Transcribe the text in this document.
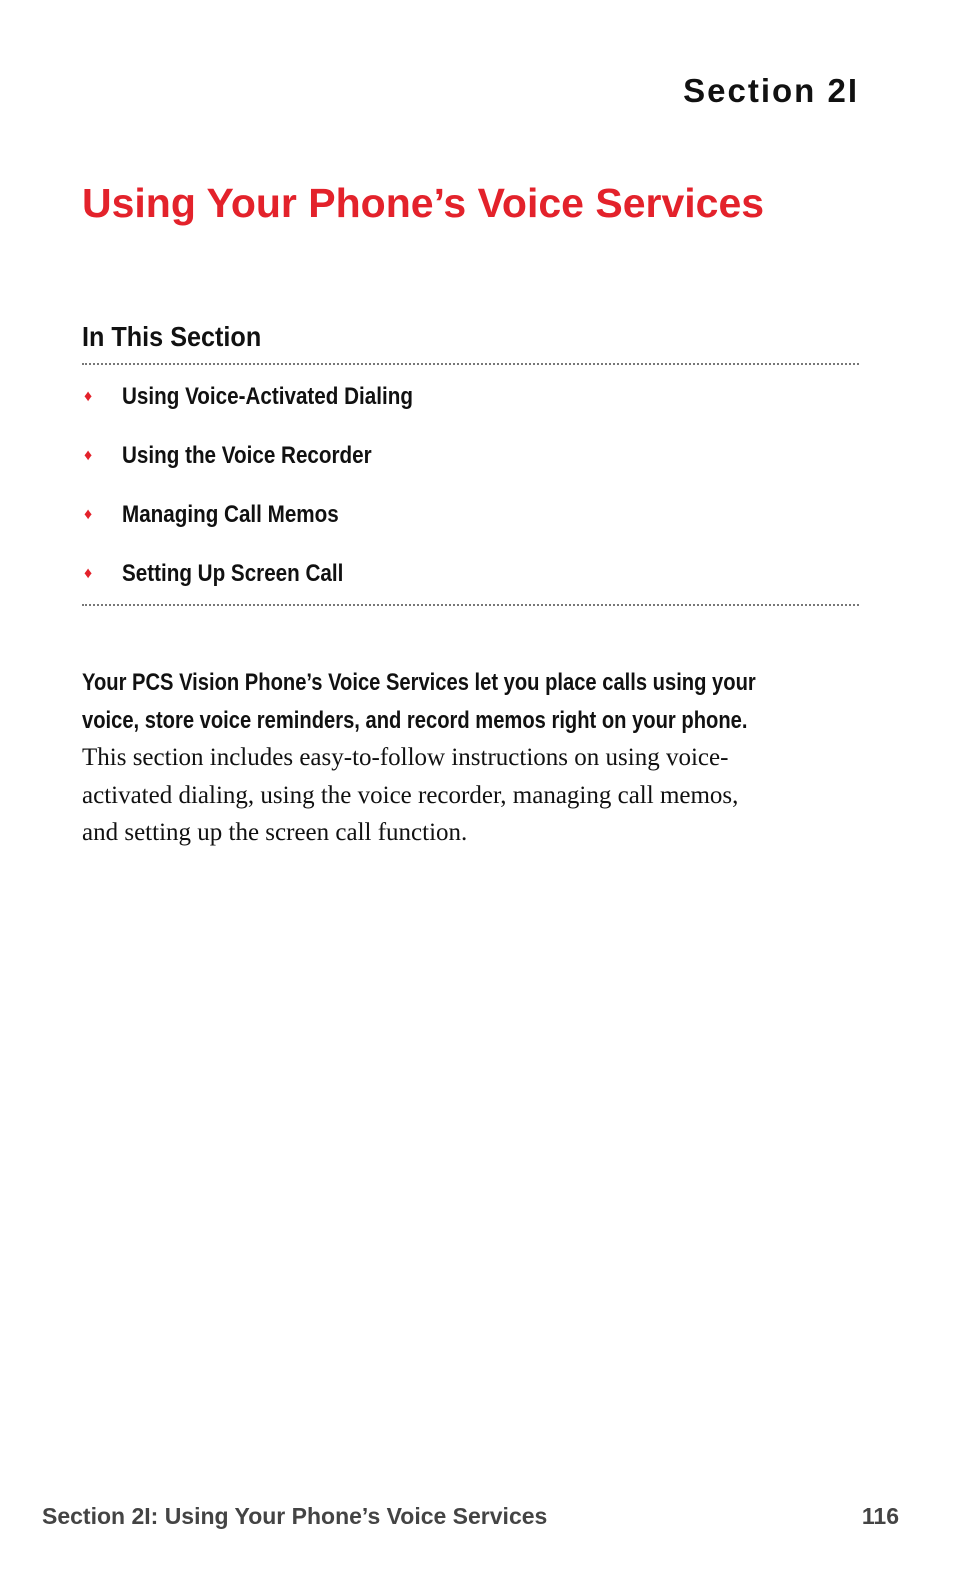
Section 2I
Using Your Phone’s Voice Services
In This Section
♦	Using Voice-Activated Dialing
♦	Using the Voice Recorder
♦	Managing Call Memos
♦	Setting Up Screen Call
Your PCS Vision Phone’s Voice Services let you place calls using your
voice, store voice reminders, and record memos right on your phone.
This section includes easy-to-follow instructions on using voice-
activated dialing, using the voice recorder, managing call memos,
and setting up the screen call function.
Section 2I: Using Your Phone’s Voice Services	116
